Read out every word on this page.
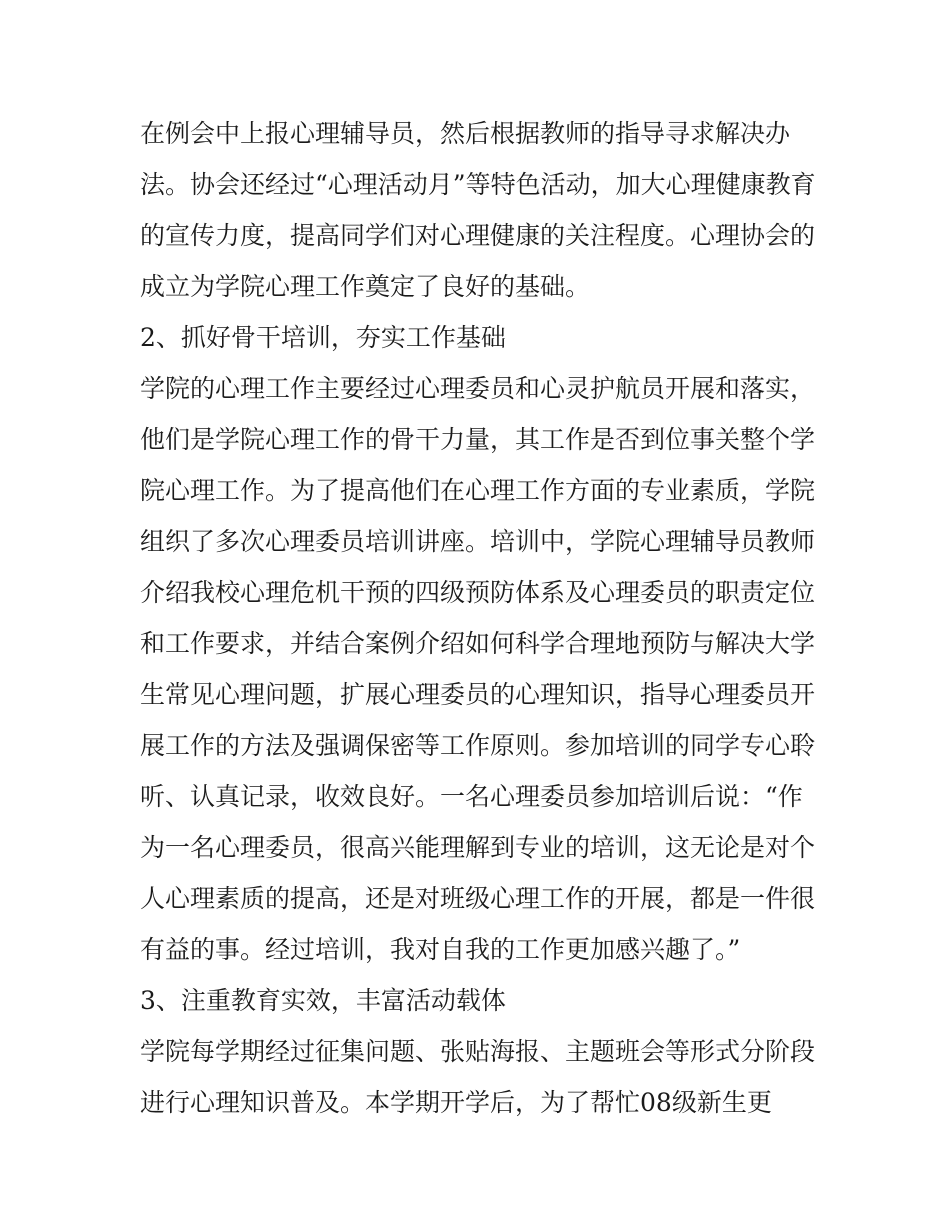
在例会中上报心理辅导员，然后根据教师的指导寻求解决办
法。协会还经过“心理活动月”等特色活动，加大心理健康教育
的宣传力度，提高同学们对心理健康的关注程度。心理协会的
成立为学院心理工作奠定了良好的基础。
2、抓好骨干培训，夯实工作基础
学院的心理工作主要经过心理委员和心灵护航员开展和落实，
他们是学院心理工作的骨干力量，其工作是否到位事关整个学
院心理工作。为了提高他们在心理工作方面的专业素质，学院
组织了多次心理委员培训讲座。培训中，学院心理辅导员教师
介绍我校心理危机干预的四级预防体系及心理委员的职责定位
和工作要求，并结合案例介绍如何科学合理地预防与解决大学
生常见心理问题，扩展心理委员的心理知识，指导心理委员开
展工作的方法及强调保密等工作原则。参加培训的同学专心聆
听、认真记录，收效良好。一名心理委员参加培训后说：“作
为一名心理委员，很高兴能理解到专业的培训，这无论是对个
人心理素质的提高，还是对班级心理工作的开展，都是一件很
有益的事。经过培训，我对自我的工作更加感兴趣了。”
3、注重教育实效，丰富活动载体
学院每学期经过征集问题、张贴海报、主题班会等形式分阶段
进行心理知识普及。本学期开学后，为了帮忙08级新生更
